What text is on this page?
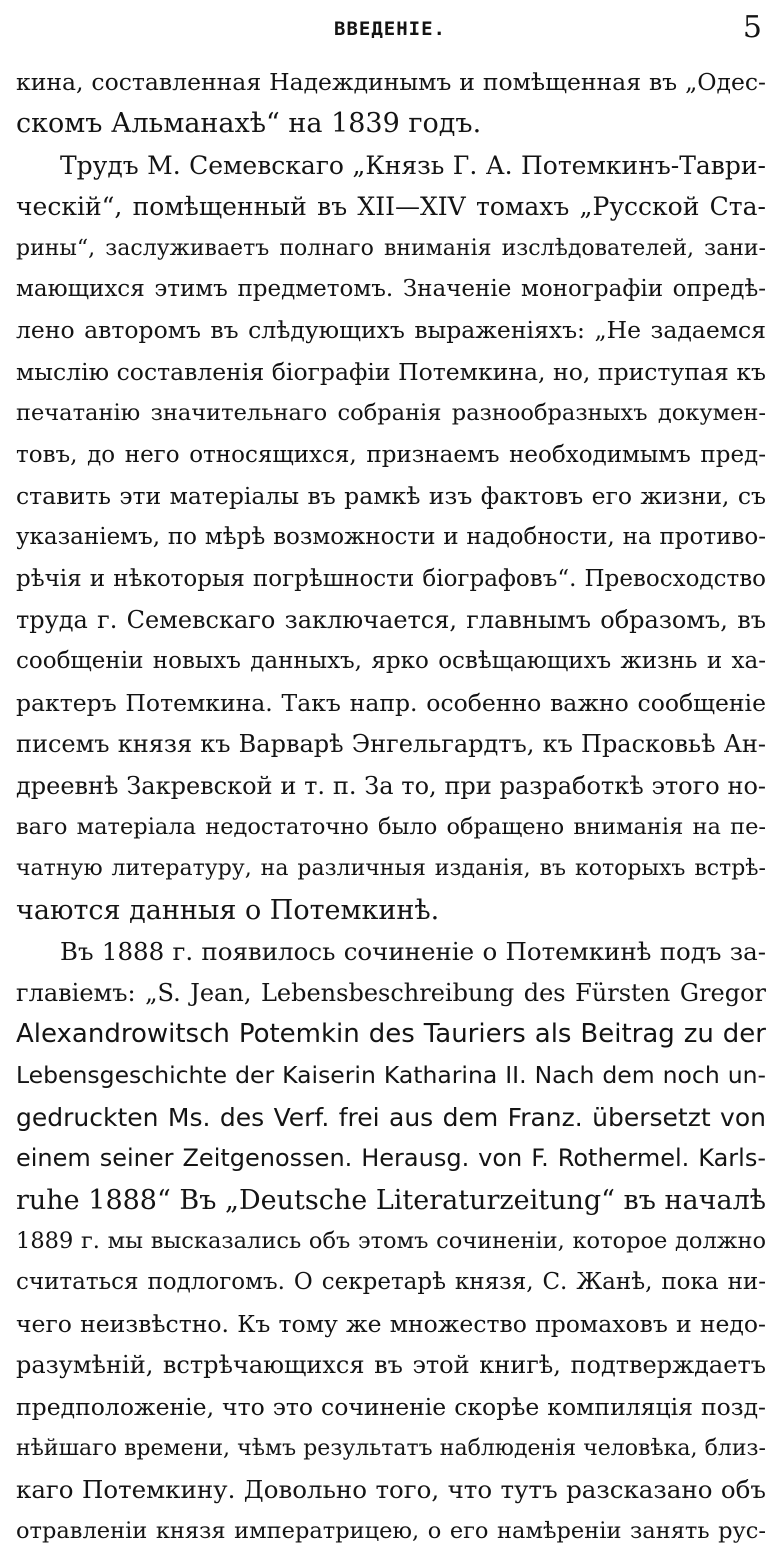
ВВЕДЕНІЕ.	5
кина, составленная Надеждинымъ и помѣщенная въ „Одес-
скомъ Альманахѣ“ на 1839 годъ.
Трудъ М. Семевскаго „Князь Г. А. Потемкинъ-Таври-
ческій“, помѣщенный въ XII—XIV томахъ „Русской Ста-
рины“, заслуживаетъ полнаго вниманія изслѣдователей, зани-
мающихся этимъ предметомъ. Значеніе монографіи опредѣ-
лено авторомъ въ слѣдующихъ выраженіяхъ: „Не задаемся
мыслію составленія біографіи Потемкина, но, приступая къ
печатанію значительнаго собранія разнообразныхъ докумен-
товъ, до него относящихся, признаемъ необходимымъ пред-
ставить эти матеріалы въ рамкѣ изъ фактовъ его жизни, съ
указаніемъ, по мѣрѣ возможности и надобности, на противо-
рѣчія и нѣкоторыя погрѣшности біографовъ“. Превосходство
труда г. Семевскаго заключается, главнымъ образомъ, въ
сообщеніи новыхъ данныхъ, ярко освѣщающихъ жизнь и ха-
рактеръ Потемкина. Такъ напр. особенно важно сообщеніе
писемъ князя къ Варварѣ Энгельгардтъ, къ Прасковьѣ Ан-
дреевнѣ Закревской и т. п. За то, при разработкѣ этого но-
ваго матеріала недостаточно было обращено вниманія на пе-
чатную литературу, на различныя изданія, въ которыхъ встрѣ-
чаются данныя о Потемкинѣ.
Въ 1888 г. появилось сочиненіе о Потемкинѣ подъ за-
главіемъ: „S. Jean, Lebensbeschreibung des Fürsten Gregor
Alexandrowitsch Potemkin des Tauriers als Beitrag zu der
Lebensgeschichte der Kaiserin Katharina II. Nach dem noch un-
gedruckten Ms. des Verf. frei aus dem Franz. übersetzt von
einem seiner Zeitgenossen. Herausg. von F. Rothermel. Karls-
ruhe 1888“ Въ „Deutsche Literaturzeitung“ въ началѣ
1889 г. мы высказались объ этомъ сочиненіи, которое должно
считаться подлогомъ. О секретарѣ князя, С. Жанѣ, пока ни-
чего неизвѣстно. Къ тому же множество промаховъ и недо-
разумѣній, встрѣчающихся въ этой книгѣ, подтверждаетъ
предположеніе, что это сочиненіе скорѣе компиляція позд-
нѣйшаго времени, чѣмъ результатъ наблюденія человѣка, близ-
каго Потемкину. Довольно того, что тутъ разсказано объ
отравленіи князя императрицею, о его намѣреніи занять рус-
